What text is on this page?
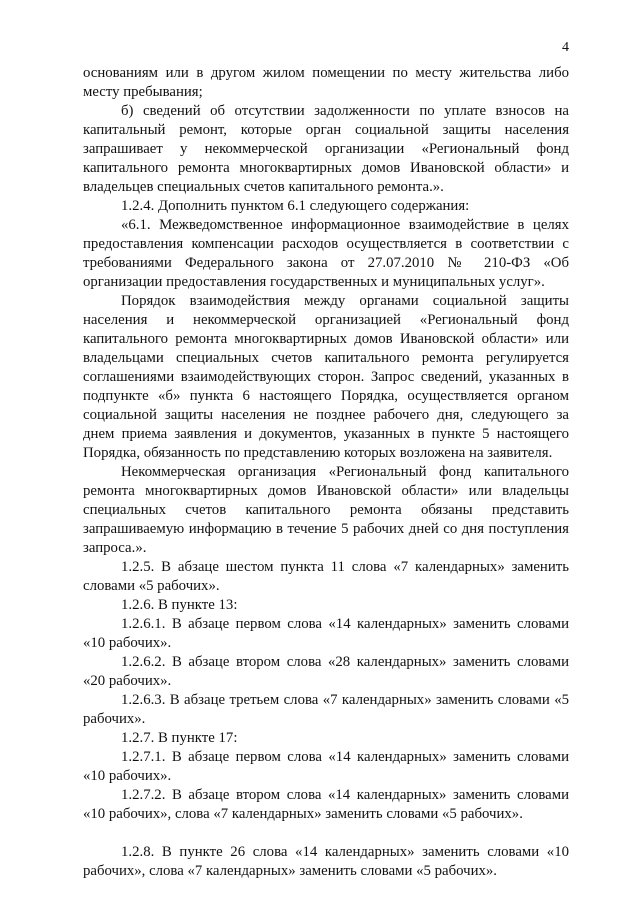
4

основаниям или в другом жилом помещении по месту жительства либо месту пребывания;

б) сведений об отсутствии задолженности по уплате взносов на капитальный ремонт, которые орган социальной защиты населения запрашивает у некоммерческой организации «Региональный фонд капитального ремонта многоквартирных домов Ивановской области» и владельцев специальных счетов капитального ремонта.».

1.2.4. Дополнить пунктом 6.1 следующего содержания:

«6.1. Межведомственное информационное взаимодействие в целях предоставления компенсации расходов осуществляется в соответствии с требованиями Федерального закона от 27.07.2010 № 210-ФЗ «Об организации предоставления государственных и муниципальных услуг».

Порядок взаимодействия между органами социальной защиты населения и некоммерческой организацией «Региональный фонд капитального ремонта многоквартирных домов Ивановской области» или владельцами специальных счетов капитального ремонта регулируется соглашениями взаимодействующих сторон. Запрос сведений, указанных в подпункте «б» пункта 6 настоящего Порядка, осуществляется органом социальной защиты населения не позднее рабочего дня, следующего за днем приема заявления и документов, указанных в пункте 5 настоящего Порядка, обязанность по представлению которых возложена на заявителя.

Некоммерческая организация «Региональный фонд капитального ремонта многоквартирных домов Ивановской области» или владельцы специальных счетов капитального ремонта обязаны представить запрашиваемую информацию в течение 5 рабочих дней со дня поступления запроса.».

1.2.5. В абзаце шестом пункта 11 слова «7 календарных» заменить словами «5 рабочих».

1.2.6. В пункте 13:

1.2.6.1. В абзаце первом слова «14 календарных» заменить словами «10 рабочих».

1.2.6.2. В абзаце втором слова «28 календарных» заменить словами «20 рабочих».

1.2.6.3. В абзаце третьем слова «7 календарных» заменить словами «5 рабочих».

1.2.7. В пункте 17:

1.2.7.1. В абзаце первом слова «14 календарных» заменить словами «10 рабочих».

1.2.7.2. В абзаце втором слова «14 календарных» заменить словами «10 рабочих», слова «7 календарных» заменить словами «5 рабочих».

1.2.8. В пункте 26 слова «14 календарных» заменить словами «10 рабочих», слова «7 календарных» заменить словами «5 рабочих».
